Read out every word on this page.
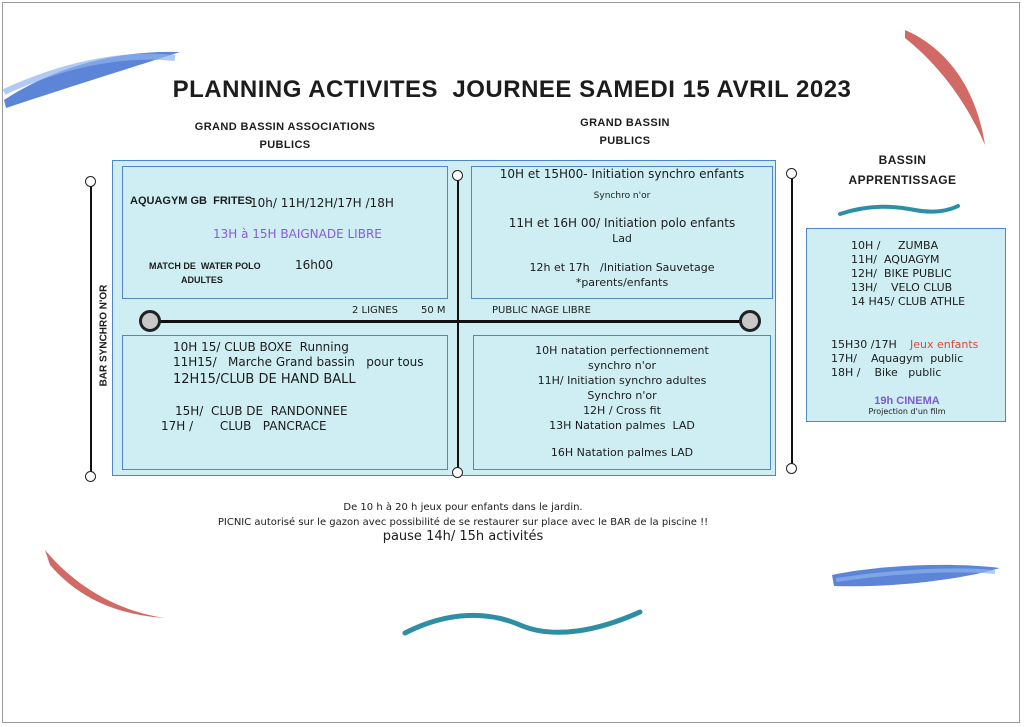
PLANNING ACTIVITES  JOURNEE SAMEDI 15 AVRIL 2023
GRAND BASSIN ASSOCIATIONS
PUBLICS
GRAND BASSIN
PUBLICS
BASSIN
APPRENTISSAGE
BAR SYNCHRO N'OR	2 LIGNES 50 M	PUBLIC NAGE LIBRE
AQUAGYM GB  FRITES
10h/ 11H/12H/17H /18H
13H à 15H BAIGNADE LIBRE
MATCH DE  WATER POLO
ADULTES
16h00
10H et 15H00- Initiation synchro enfants
Synchro n'or
11H et 16H 00/ Initiation polo enfants
Lad
12h et 17h   /Initiation Sauvetage
*parents/enfants
10H 15/ CLUB BOXE  Running
11H15/   Marche Grand bassin   pour tous
12H15/CLUB DE HAND BALL
15H/  CLUB DE  RANDONNEE
17H /       CLUB   PANCRACE
10H natation perfectionnement
synchro n'or
11H/ Initiation synchro adultes
Synchro n'or
12H / Cross fit
13H Natation palmes  LAD
16H Natation palmes LAD
10H /     ZUMBA
11H/  AQUAGYM
12H/  BIKE PUBLIC
13H/    VELO CLUB
14 H45/ CLUB ATHLE
15H30 /17H Jeux enfants
17H/    Aquagym  public
18H /    Bike   public
19h CINEMA
Projection d'un film
De 10 h à 20 h jeux pour enfants dans le jardin.
PICNIC autorisé sur le gazon avec possibilité de se restaurer sur place avec le BAR de la piscine !!
pause 14h/ 15h activités
